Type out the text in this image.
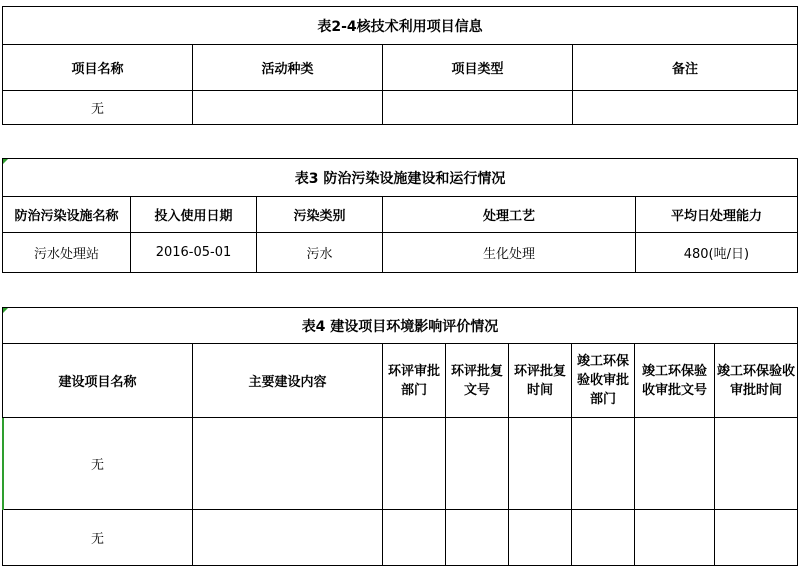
表2-4核技术利用项目信息			
项目名称	活动种类	项目类型	备注
无			
表3 防治污染设施建设和运行情况				
防治污染设施名称	投入使用日期	污染类别	处理工艺	平均日处理能力
污水处理站	2016-05-01	污水	生化处理	480(吨/日)
表4 建设项目环境影响评价情况							
建设项目名称	主要建设内容	环评审批部门	环评批复文号	环评批复时间	竣工环保验收审批部门	竣工环保验收审批文号	竣工环保验收审批时间
无							
无							
